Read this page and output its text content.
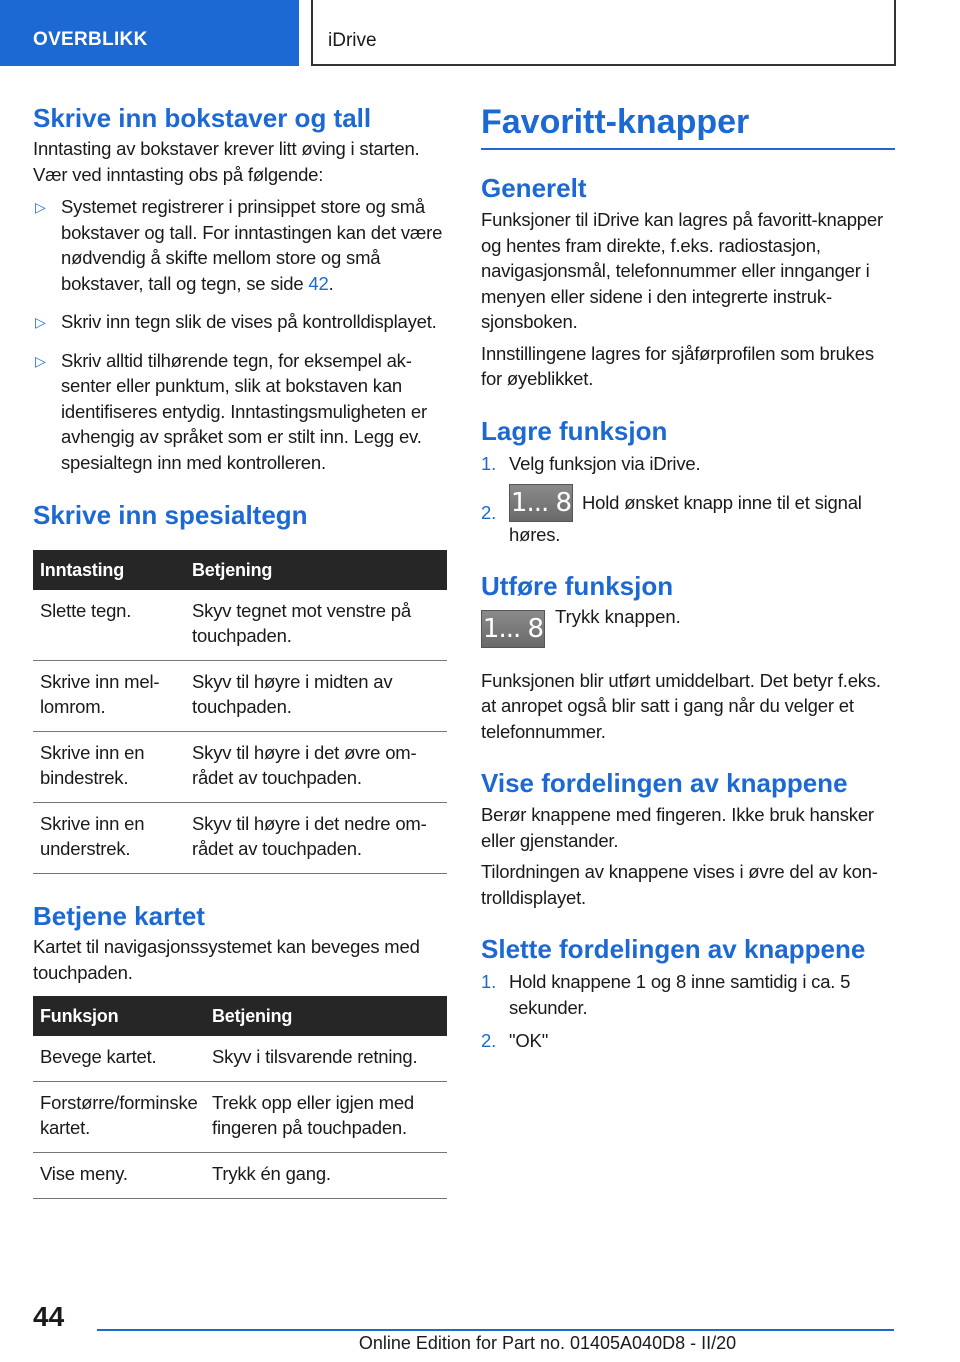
OVERBLIKK	iDrive
Skrive inn bokstaver og tall

Inntasting av bokstaver krever litt øving i starten. Vær ved inntasting obs på følgende:

▷ Systemet registrerer i prinsippet store og små bokstaver og tall. For inntastingen kan det være nødvendig å skifte mellom store og små bokstaver, tall og tegn, se side 42.
▷ Skriv inn tegn slik de vises på kontrolldisplayet.
▷ Skriv alltid tilhørende tegn, for eksempel aksenter eller punktum, slik at bokstaven kan identifiseres entydig. Inntastingsmuligheten er avhengig av språket som er stilt inn. Legg ev. spesialtegn inn med kontrolleren.
Skrive inn spesialtegn
Inntasting	Betjening
Slette tegn.	Skyv tegnet mot venstre på touchpaden.
Skrive inn mellomrom.	Skyv til høyre i midten av touchpaden.
Skrive inn en bindestrek.	Skyv til høyre i det øvre området av touchpaden.
Skrive inn en understrek.	Skyv til høyre i det nedre området av touchpaden.
Betjene kartet

Kartet til navigasjonssystemet kan beveges med touchpaden.

Funksjon	Betjening
Bevege kartet.	Skyv i tilsvarende retning.
Forstørre/forminske kartet.	Trekk opp eller igjen med fingeren på touchpaden.
Vise meny.	Trykk én gang.
Favoritt-knapper
Generelt

Funksjoner til iDrive kan lagres på favoritt-knapper og hentes fram direkte, f.eks. radiostasjon, navigasjonsmål, telefonnummer eller innganger i menyen eller sidene i den integrerte instruksjonsboken.

Innstillingene lagres for sjåførprofilen som brukes for øyeblikket.

Lagre funksjon
1. Velg funksjon via iDrive.
2. 1... 8 Hold ønsket knapp inne til et signal høres.
Utføre funksjon
1... 8 Trykk knappen.

Funksjonen blir utført umiddelbart. Det betyr f.eks. at anropet også blir satt i gang når du velger et telefonnummer.

Vise fordelingen av knappene

Berør knappene med fingeren. Ikke bruk hansker eller gjenstander.

Tilordningen av knappene vises i øvre del av kontrolldisplayet.

Slette fordelingen av knappene
1. Hold knappene 1 og 8 inne samtidig i ca. 5 sekunder.
2. "OK"
44
Online Edition for Part no. 01405A040D8 - II/20
